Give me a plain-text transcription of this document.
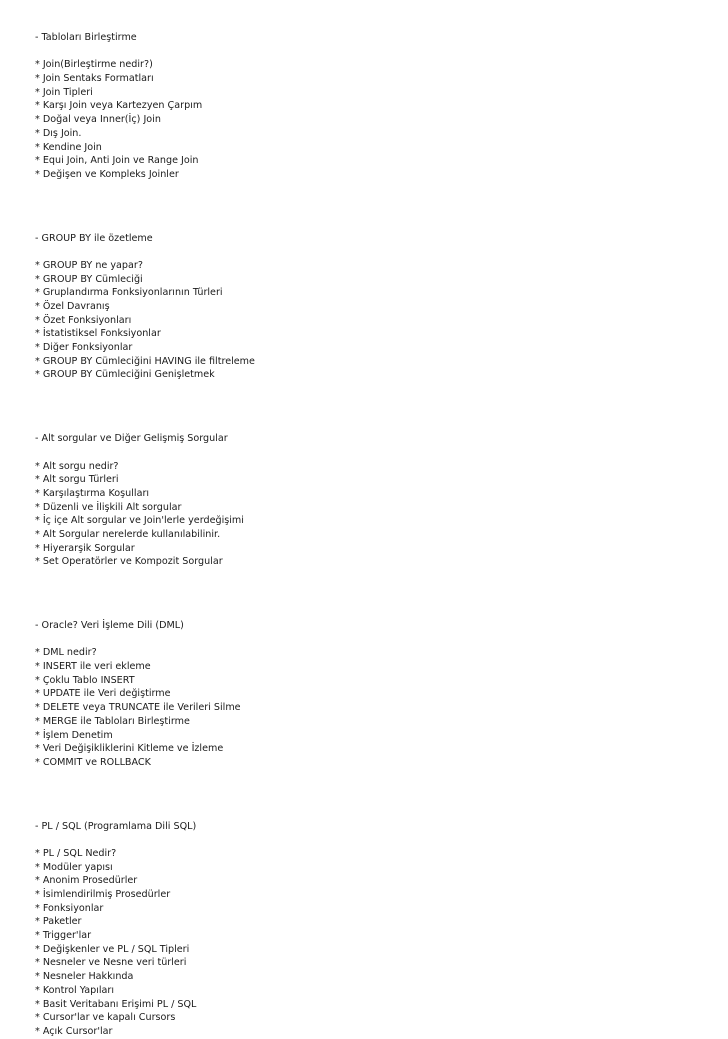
- Tabloları Birleştirme
* Join(Birleştirme nedir?)
* Join Sentaks Formatları
* Join Tipleri
* Karşı Join veya Kartezyen Çarpım
* Doğal veya Inner(İç) Join
* Dış Join.
* Kendine Join
* Equi Join, Anti Join ve Range Join
* Değişen ve Kompleks Joinler
- GROUP BY ile özetleme
* GROUP BY ne yapar?
* GROUP BY Cümleciği
* Gruplandırma Fonksiyonlarının Türleri
* Özel Davranış
* Özet Fonksiyonları
* İstatistiksel Fonksiyonlar
* Diğer Fonksiyonlar
* GROUP BY Cümleciğini HAVING ile filtreleme
* GROUP BY Cümleciğini Genişletmek
- Alt sorgular ve Diğer Gelişmiş Sorgular
* Alt sorgu nedir?
* Alt sorgu Türleri
* Karşılaştırma Koşulları
* Düzenli ve İlişkili Alt sorgular
* İç içe Alt sorgular ve Join'lerle yerdeğişimi
* Alt Sorgular nerelerde kullanılabilinir.
* Hiyerarşik Sorgular
* Set Operatörler ve Kompozit Sorgular
- Oracle? Veri İşleme Dili (DML)
* DML nedir?
* INSERT ile veri ekleme
* Çoklu Tablo INSERT
* UPDATE ile Veri değiştirme
* DELETE veya TRUNCATE ile Verileri Silme
* MERGE ile Tabloları Birleştirme
* İşlem Denetim
* Veri Değişikliklerini Kitleme ve İzleme
* COMMIT ve ROLLBACK
- PL / SQL (Programlama Dili SQL)
* PL / SQL Nedir?
* Modüler yapısı
* Anonim Prosedürler
* İsimlendirilmiş Prosedürler
* Fonksiyonlar
* Paketler
* Trigger'lar
* Değişkenler ve PL / SQL Tipleri
* Nesneler ve Nesne veri türleri
* Nesneler Hakkında
* Kontrol Yapıları
* Basit Veritabanı Erişimi PL / SQL
* Cursor'lar ve kapalı Cursors
* Açık Cursor'lar
